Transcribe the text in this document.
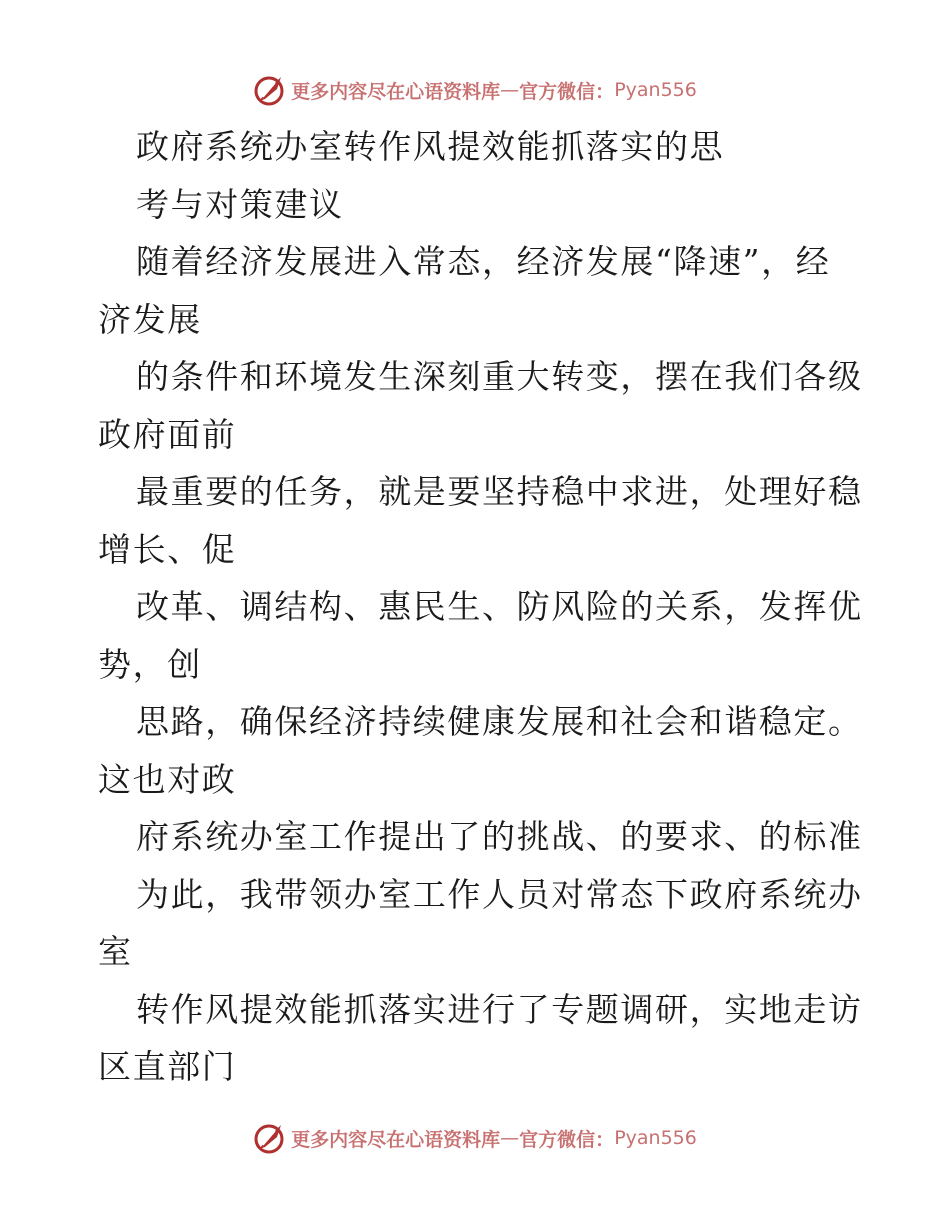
更多内容尽在心语资料库 — 官方微信： Pyan556
政府系统办室转作风提效能抓落实的思
考与对策建议
随着经济发展进入常态，经济发展“降速”，经
济发展
的条件和环境发生深刻重大转变，摆在我们各级
政府面前
最重要的任务，就是要坚持稳中求进，处理好稳
增长、促
改革、调结构、惠民生、防风险的关系，发挥优
势，创
思路，确保经济持续健康发展和社会和谐稳定。
这也对政
府系统办室工作提出了的挑战、的要求、的标准
为此，我带领办室工作人员对常态下政府系统办
室
转作风提效能抓落实进行了专题调研，实地走访
区直部门
更多内容尽在心语资料库 — 官方微信： Pyan556
